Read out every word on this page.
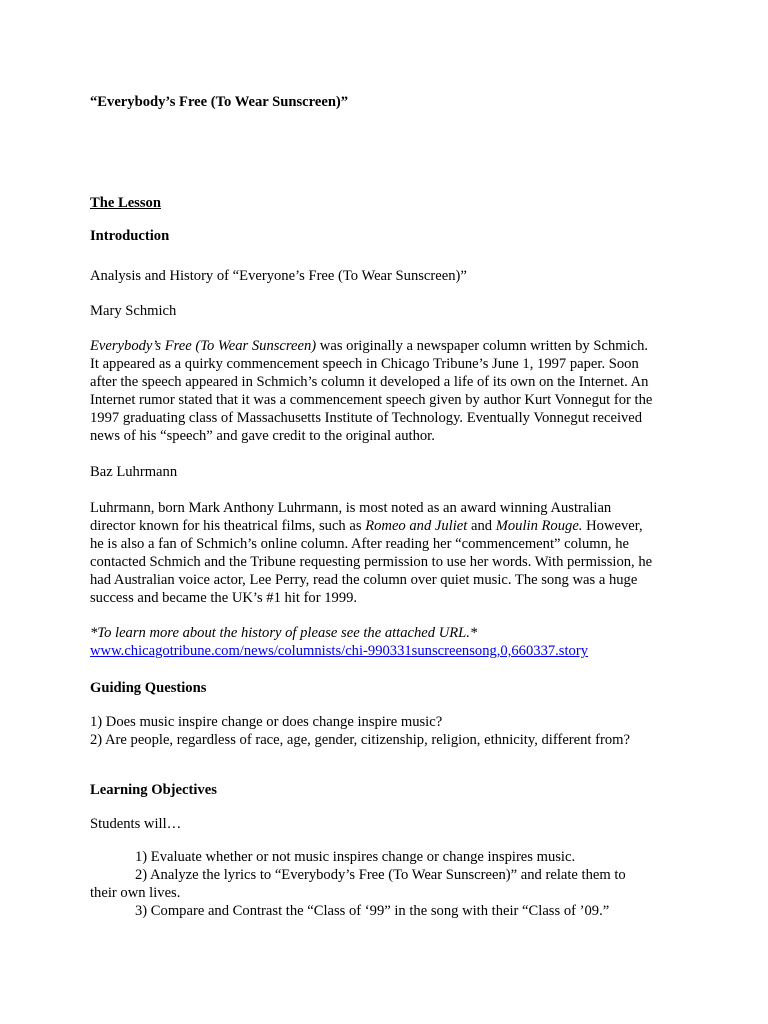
“Everybody’s Free (To Wear Sunscreen)”

The Lesson

Introduction

Analysis and History of “Everyone’s Free (To Wear Sunscreen)”

Mary Schmich

Everybody’s Free (To Wear Sunscreen) was originally a newspaper column written by Schmich.
It appeared as a quirky commencement speech in Chicago Tribune’s June 1, 1997 paper. Soon
after the speech appeared in Schmich’s column it developed a life of its own on the Internet. An
Internet rumor stated that it was a commencement speech given by author Kurt Vonnegut for the
1997 graduating class of Massachusetts Institute of Technology. Eventually Vonnegut received
news of his “speech” and gave credit to the original author.

Baz Luhrmann

Luhrmann, born Mark Anthony Luhrmann, is most noted as an award winning Australian
director known for his theatrical films, such as Romeo and Juliet and Moulin Rouge. However,
he is also a fan of Schmich’s online column. After reading her “commencement” column, he
contacted Schmich and the Tribune requesting permission to use her words. With permission, he
had Australian voice actor, Lee Perry, read the column over quiet music. The song was a huge
success and became the UK’s #1 hit for 1999.
*To learn more about the history of please see the attached URL.*
www.chicagotribune.com/news/columnists/chi-990331sunscreensong,0,660337.story

Guiding Questions

1) Does music inspire change or does change inspire music?
2) Are people, regardless of race, age, gender, citizenship, religion, ethnicity, different from?

Learning Objectives

Students will…

1) Evaluate whether or not music inspires change or change inspires music.
2) Analyze the lyrics to “Everybody’s Free (To Wear Sunscreen)” and relate them to
their own lives.
3) Compare and Contrast the “Class of ‘99” in the song with their “Class of ’09.”
